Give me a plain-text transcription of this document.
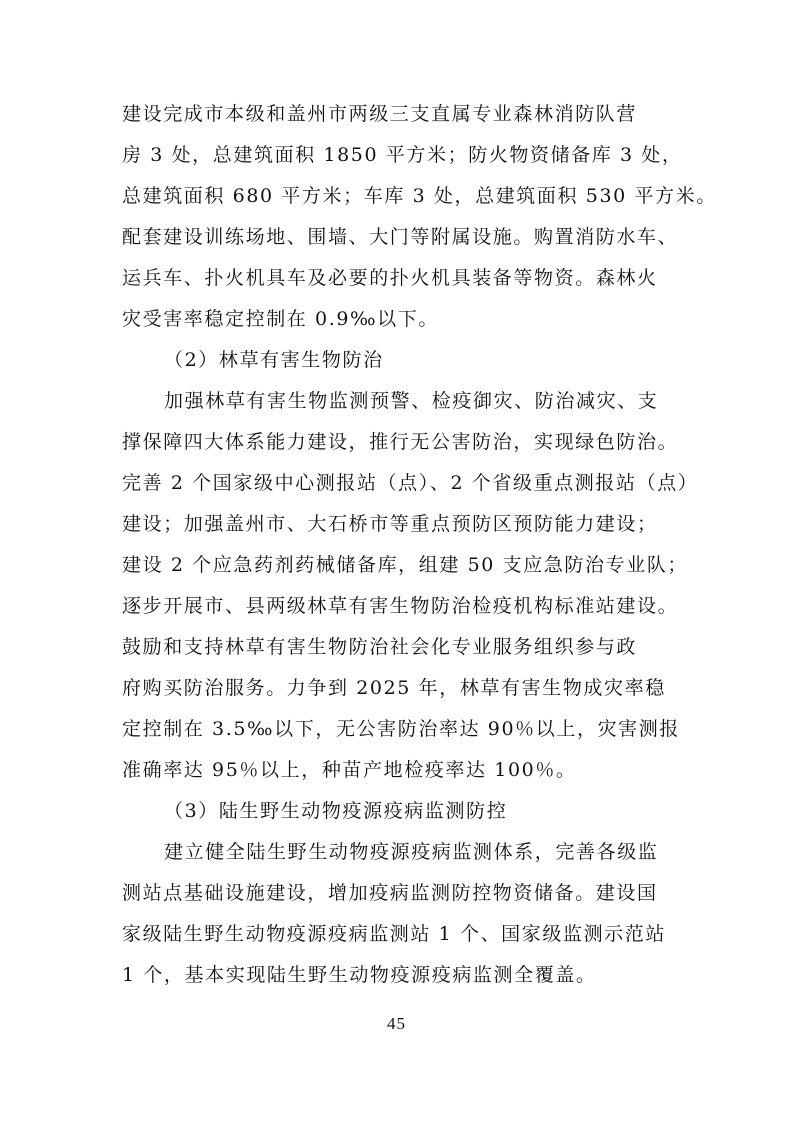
建设完成市本级和盖州市两级三支直属专业森林消防队营
房 3 处，总建筑面积 1850 平方米；防火物资储备库 3 处，
总建筑面积 680 平方米；车库 3 处，总建筑面积 530 平方米。
配套建设训练场地、围墙、大门等附属设施。购置消防水车、
运兵车、扑火机具车及必要的扑火机具装备等物资。森林火
灾受害率稳定控制在 0.9‰以下。
（2）林草有害生物防治
加强林草有害生物监测预警、检疫御灾、防治减灾、支
撑保障四大体系能力建设，推行无公害防治，实现绿色防治。
完善 2 个国家级中心测报站（点）、2 个省级重点测报站（点）
建设；加强盖州市、大石桥市等重点预防区预防能力建设；
建设 2 个应急药剂药械储备库，组建 50 支应急防治专业队；
逐步开展市、县两级林草有害生物防治检疫机构标准站建设。
鼓励和支持林草有害生物防治社会化专业服务组织参与政
府购买防治服务。力争到 2025 年，林草有害生物成灾率稳
定控制在 3.5‰以下，无公害防治率达 90％以上，灾害测报
准确率达 95％以上，种苗产地检疫率达 100％。
（3）陆生野生动物疫源疫病监测防控
建立健全陆生野生动物疫源疫病监测体系，完善各级监
测站点基础设施建设，增加疫病监测防控物资储备。建设国
家级陆生野生动物疫源疫病监测站 1 个、国家级监测示范站
1 个，基本实现陆生野生动物疫源疫病监测全覆盖。
45
